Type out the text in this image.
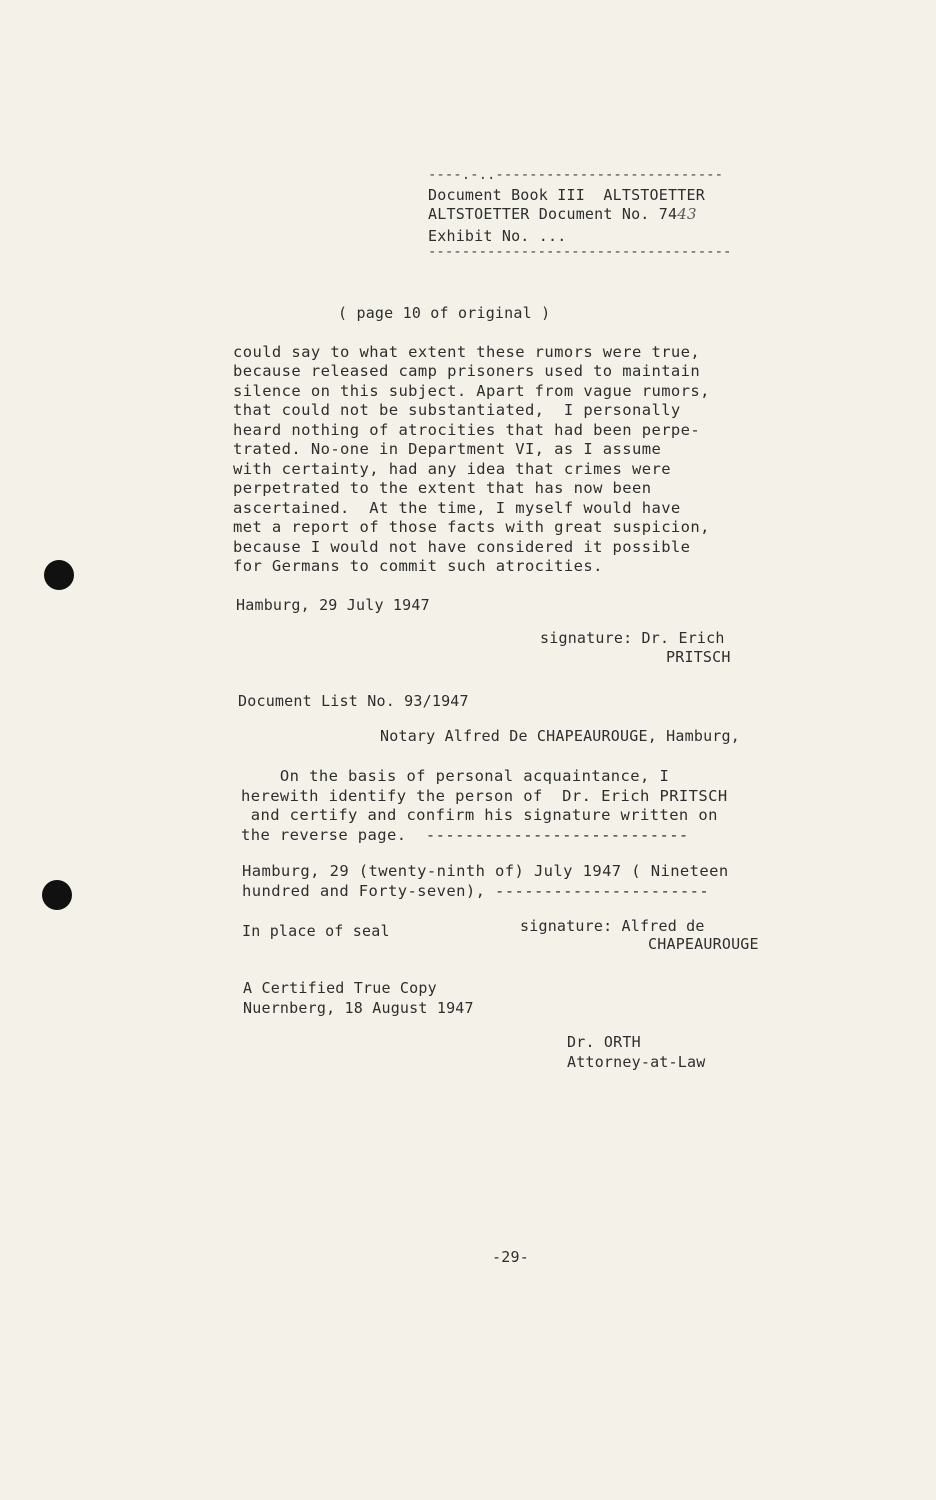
----.-..---------------------------
Document Book III  ALTSTOETTER
ALTSTOETTER Document No. 7443
Exhibit No. ...
------------------------------------
( page 10 of original )
could say to what extent these rumors were true,
because released camp prisoners used to maintain
silence on this subject. Apart from vague rumors,
that could not be substantiated,  I personally
heard nothing of atrocities that had been perpe-
trated. No-one in Department VI, as I assume
with certainty, had any idea that crimes were
perpetrated to the extent that has now been
ascertained.  At the time, I myself would have
met a report of those facts with great suspicion,
because I would not have considered it possible
for Germans to commit such atrocities.
Hamburg, 29 July 1947
signature: Dr. Erich
PRITSCH
Document List No. 93/1947
Notary Alfred De CHAPEAUROUGE, Hamburg,
On the basis of personal acquaintance, I
herewith identify the person of  Dr. Erich PRITSCH
and certify and confirm his signature written on
the reverse page.  ---------------------------
Hamburg, 29 (twenty-ninth of) July 1947 ( Nineteen
hundred and Forty-seven), ----------------------
In place of seal	signature: Alfred de
CHAPEAUROUGE
A Certified True Copy
Nuernberg, 18 August 1947
Dr. ORTH
Attorney-at-Law
-29-
